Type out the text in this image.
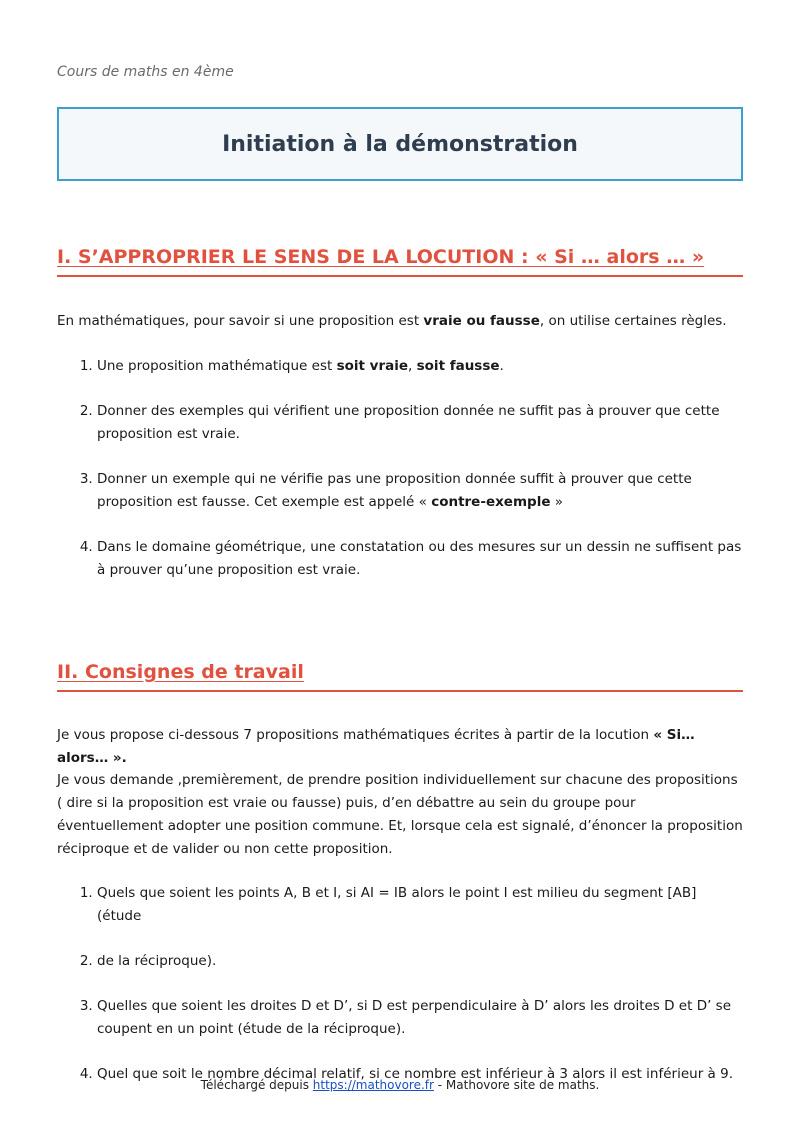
Cours de maths en 4ème
Initiation à la démonstration
I. S’APPROPRIER LE SENS DE LA LOCUTION : « Si … alors … »
En mathématiques, pour savoir si une proposition est vraie ou fausse, on utilise certaines règles.
1. Une proposition mathématique est soit vraie, soit fausse.
2. Donner des exemples qui vérifient une proposition donnée ne suffit pas à prouver que cette proposition est vraie.
3. Donner un exemple qui ne vérifie pas une proposition donnée suffit à prouver que cette proposition est fausse. Cet exemple est appelé « contre-exemple »
4. Dans le domaine géométrique, une constatation ou des mesures sur un dessin ne suffisent pas à prouver qu’une proposition est vraie.
II. Consignes de travail
Je vous propose ci-dessous 7 propositions mathématiques écrites à partir de la locution « Si…alors… ».
Je vous demande ,premièrement, de prendre position individuellement sur chacune des propositions ( dire si la proposition est vraie ou fausse) puis, d’en débattre au sein du groupe pour éventuellement adopter une position commune. Et, lorsque cela est signalé, d’énoncer la proposition réciproque et de valider ou non cette proposition.
1. Quels que soient les points A, B et I, si AI = IB alors le point I est milieu du segment [AB] (étude
2. de la réciproque).
3. Quelles que soient les droites D et D’, si D est perpendiculaire à D’ alors les droites D et D’ se coupent en un point (étude de la réciproque).
4. Quel que soit le nombre décimal relatif, si ce nombre est inférieur à 3 alors il est inférieur à 9.
Téléchargé depuis https://mathovore.fr - Mathovore site de maths.
